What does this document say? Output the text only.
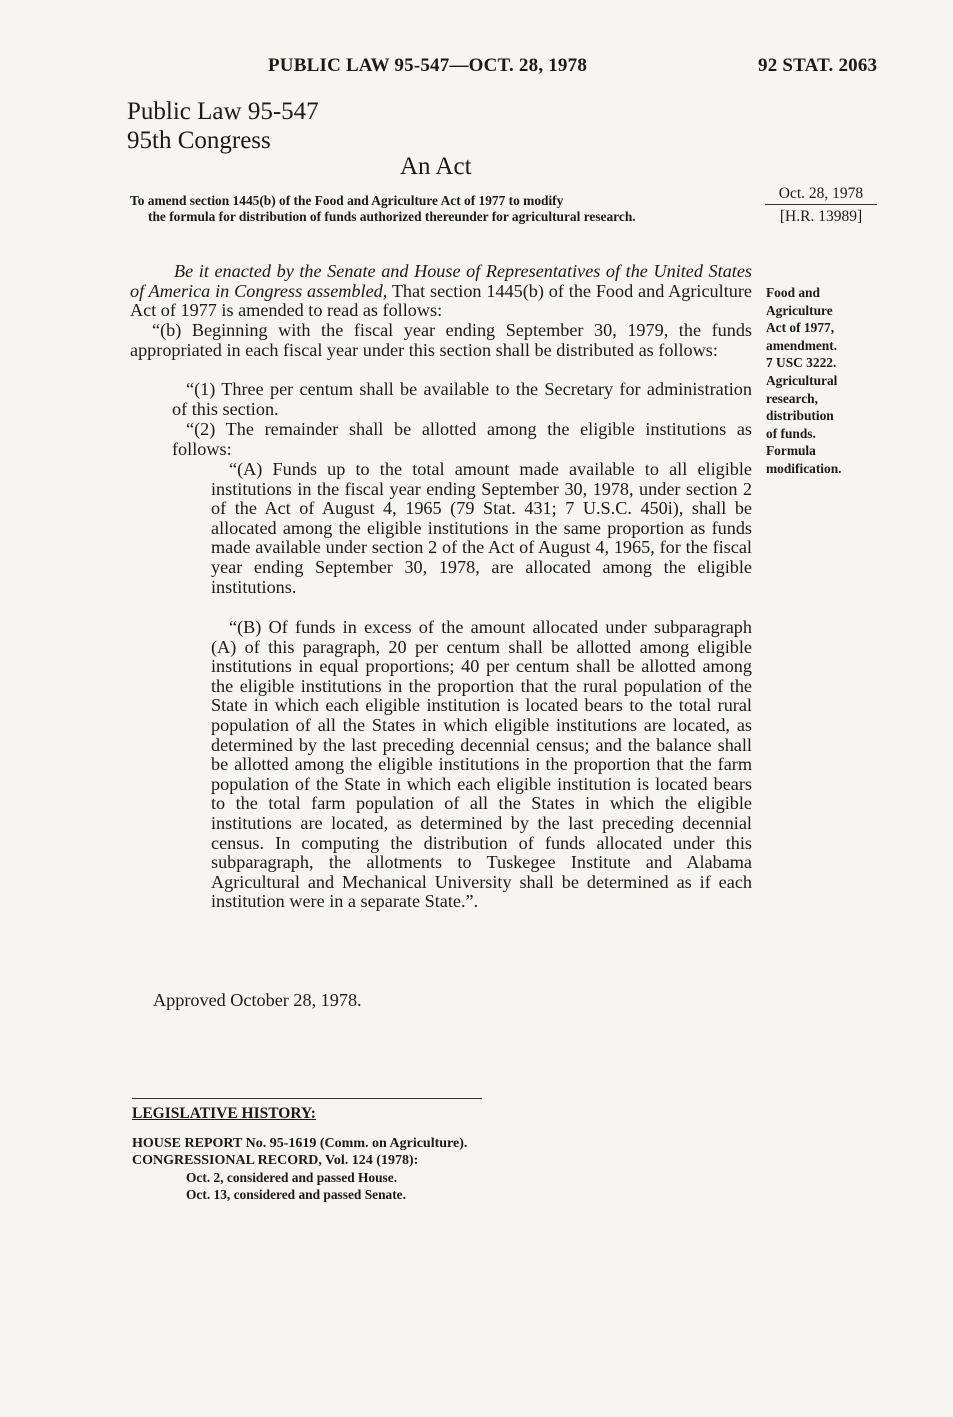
PUBLIC LAW 95-547—OCT. 28, 1978	92 STAT. 2063
Public Law 95-547
95th Congress
An Act
To amend section 1445(b) of the Food and Agriculture Act of 1977 to modify
the formula for distribution of funds authorized thereunder for agricultural research.
Oct. 28, 1978
[H.R. 13989]
Food and
Agriculture
Act of 1977,
amendment.
7 USC 3222.
Agricultural
research,
distribution
of funds.
Formula
modification.
Be it enacted by the Senate and House of Representatives of the United States of America in Congress assembled, That section 1445(b) of the Food and Agriculture Act of 1977 is amended to read as follows:
“(b) Beginning with the fiscal year ending September 30, 1979, the funds appropriated in each fiscal year under this section shall be distributed as follows:
“(1) Three per centum shall be available to the Secretary for administration of this section.
“(2) The remainder shall be allotted among the eligible institutions as follows:
“(A) Funds up to the total amount made available to all eligible institutions in the fiscal year ending September 30, 1978, under section 2 of the Act of August 4, 1965 (79 Stat. 431; 7 U.S.C. 450i), shall be allocated among the eligible institutions in the same proportion as funds made available under section 2 of the Act of August 4, 1965, for the fiscal year ending September 30, 1978, are allocated among the eligible institutions.
“(B) Of funds in excess of the amount allocated under subparagraph (A) of this paragraph, 20 per centum shall be allotted among eligible institutions in equal proportions; 40 per centum shall be allotted among the eligible institutions in the proportion that the rural population of the State in which each eligible institution is located bears to the total rural population of all the States in which eligible institutions are located, as determined by the last preceding decennial census; and the balance shall be allotted among the eligible institutions in the proportion that the farm population of the State in which each eligible institution is located bears to the total farm population of all the States in which the eligible institutions are located, as determined by the last preceding decennial census. In computing the distribution of funds allocated under this subparagraph, the allotments to Tuskegee Institute and Alabama Agricultural and Mechanical University shall be determined as if each institution were in a separate State.”.
Approved October 28, 1978.
LEGISLATIVE HISTORY:
HOUSE REPORT No. 95-1619 (Comm. on Agriculture).
CONGRESSIONAL RECORD, Vol. 124 (1978):
Oct. 2, considered and passed House.
Oct. 13, considered and passed Senate.
